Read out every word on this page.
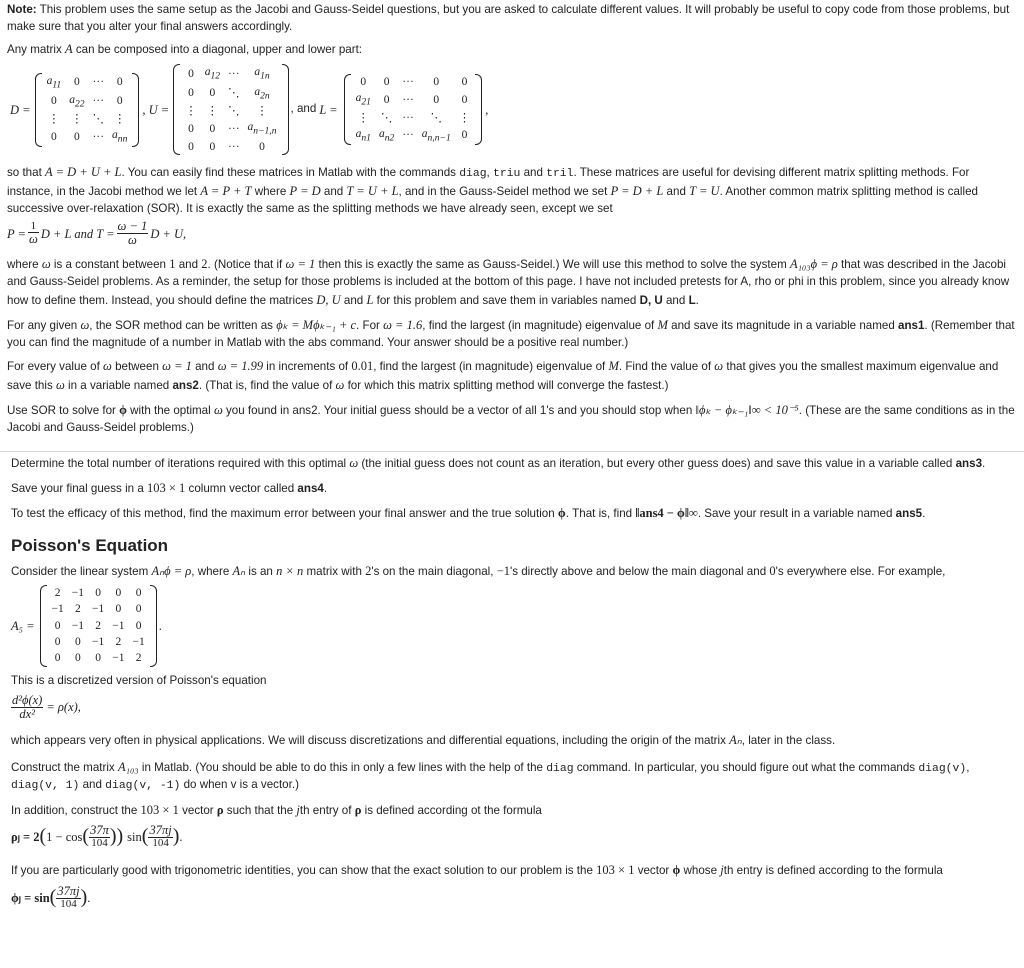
Note: This problem uses the same setup as the Jacobi and Gauss-Seidel questions, but you are asked to calculate different values. It will probably be useful to copy code from those problems, but make sure that you alter your final answers accordingly.

Any matrix A can be composed into a diagonal, upper and lower part:

D =
$a_{11}$	0	···	0
0	$a_{22}$	···	0
⋮	⋮	⋱	⋮
0	0	···	$a_{nn}$
, U =
0	$a_{12}$	···	$a_{1n}$
0	0	⋱	$a_{2n}$
⋮	⋮	⋱	⋮
0	0	···	$a_{n-1,n}$
0	0	···	0
, and L =
0	0	···	0	0
$a_{21}$	0	···	0	0
⋮	⋱	···	⋱	⋮
$a_{n1}$	$a_{n2}$	···	$a_{n,n-1}$	0
,

so that A = D + U + L. You can easily find these matrices in Matlab with the commands diag, triu and tril. These matrices are useful for devising different matrix splitting methods. For instance, in the Jacobi method we let A = P + T where P = D and T = U + L, and in the Gauss-Seidel method we set P = D + L and T = U. Another common matrix splitting method is called successive over-relaxation (SOR). It is exactly the same as the splitting methods we have already seen, except we set

$P = \frac{1}{\omega}$ D + L and $T = \frac{\omega - 1}{\omega}$ D + U,

where ω is a constant between 1 and 2. (Notice that if ω = 1 then this is exactly the same as Gauss-Seidel.) We will use this method to solve the system A₁₀₃ϕ = ρ that was described in the Jacobi and Gauss-Seidel problems. As a reminder, the setup for those problems is included at the bottom of this page. I have not included pretests for A, rho or phi in this problem, since you already know how to define them. Instead, you should define the matrices D, U and L for this problem and save them in variables named D, U and L.

For any given ω, the SOR method can be written as ϕₖ = Mϕₖ₋₁ + c. For ω = 1.6, find the largest (in magnitude) eigenvalue of M and save its magnitude in a variable named ans1. (Remember that you can find the magnitude of a number in Matlab with the abs command. Your answer should be a positive real number.)

For every value of ω between ω = 1 and ω = 1.99 in increments of 0.01, find the largest (in magnitude) eigenvalue of M. Find the value of ω that gives you the smallest maximum eigenvalue and save this ω in a variable named ans2. (That is, find the value of ω for which this matrix splitting method will converge the fastest.)

Use SOR to solve for ϕ with the optimal ω you found in ans2. Your initial guess should be a vector of all 1's and you should stop when ‖ϕₖ − ϕₖ₋₁‖∞ < 10⁻⁵. (These are the same conditions as in the Jacobi and Gauss-Seidel problems.)

Determine the total number of iterations required with this optimal ω (the initial guess does not count as an iteration, but every other guess does) and save this value in a variable called ans3.

Save your final guess in a 103 × 1 column vector called ans4.

To test the efficacy of this method, find the maximum error between your final answer and the true solution ϕ. That is, find ‖ans4 − ϕ‖∞. Save your result in a variable named ans5.

Poisson's Equation

Consider the linear system Aₙϕ = ρ, where Aₙ is an n × n matrix with 2's on the main diagonal, −1's directly above and below the main diagonal and 0's everywhere else. For example,

A₅ =
2	−1	0	0	0
−1	2	−1	0	0
0	−1	2	−1	0
0	0	−1	2	−1
0	0	0	−1	2
.

This is a discretized version of Poisson's equation

$\frac{\text{d²ϕ(x)}}{\text{dx²}} = \rho(x)$,

which appears very often in physical applications. We will discuss discretizations and differential equations, including the origin of the matrix Aₙ, later in the class.

Construct the matrix A₁₀₃ in Matlab. (You should be able to do this in only a few lines with the help of the diag command. In particular, you should figure out what the commands diag(v), diag(v, 1) and diag(v, -1) do when v is a vector.)

In addition, construct the 103 × 1 vector ρ such that the jth entry of ρ is defined according ot the formula

ρⱼ = 2 ( 1 − cos ( $\frac{37\pi}{104}$ ) ) sin ( $\frac{37\pi j}{104}$ ) .

If you are particularly good with trigonometric identities, you can show that the exact solution to our problem is the 103 × 1 vector ϕ whose jth entry is defined according to the formula

ϕⱼ = sin ( $\frac{37\pi j}{104}$ ) .
